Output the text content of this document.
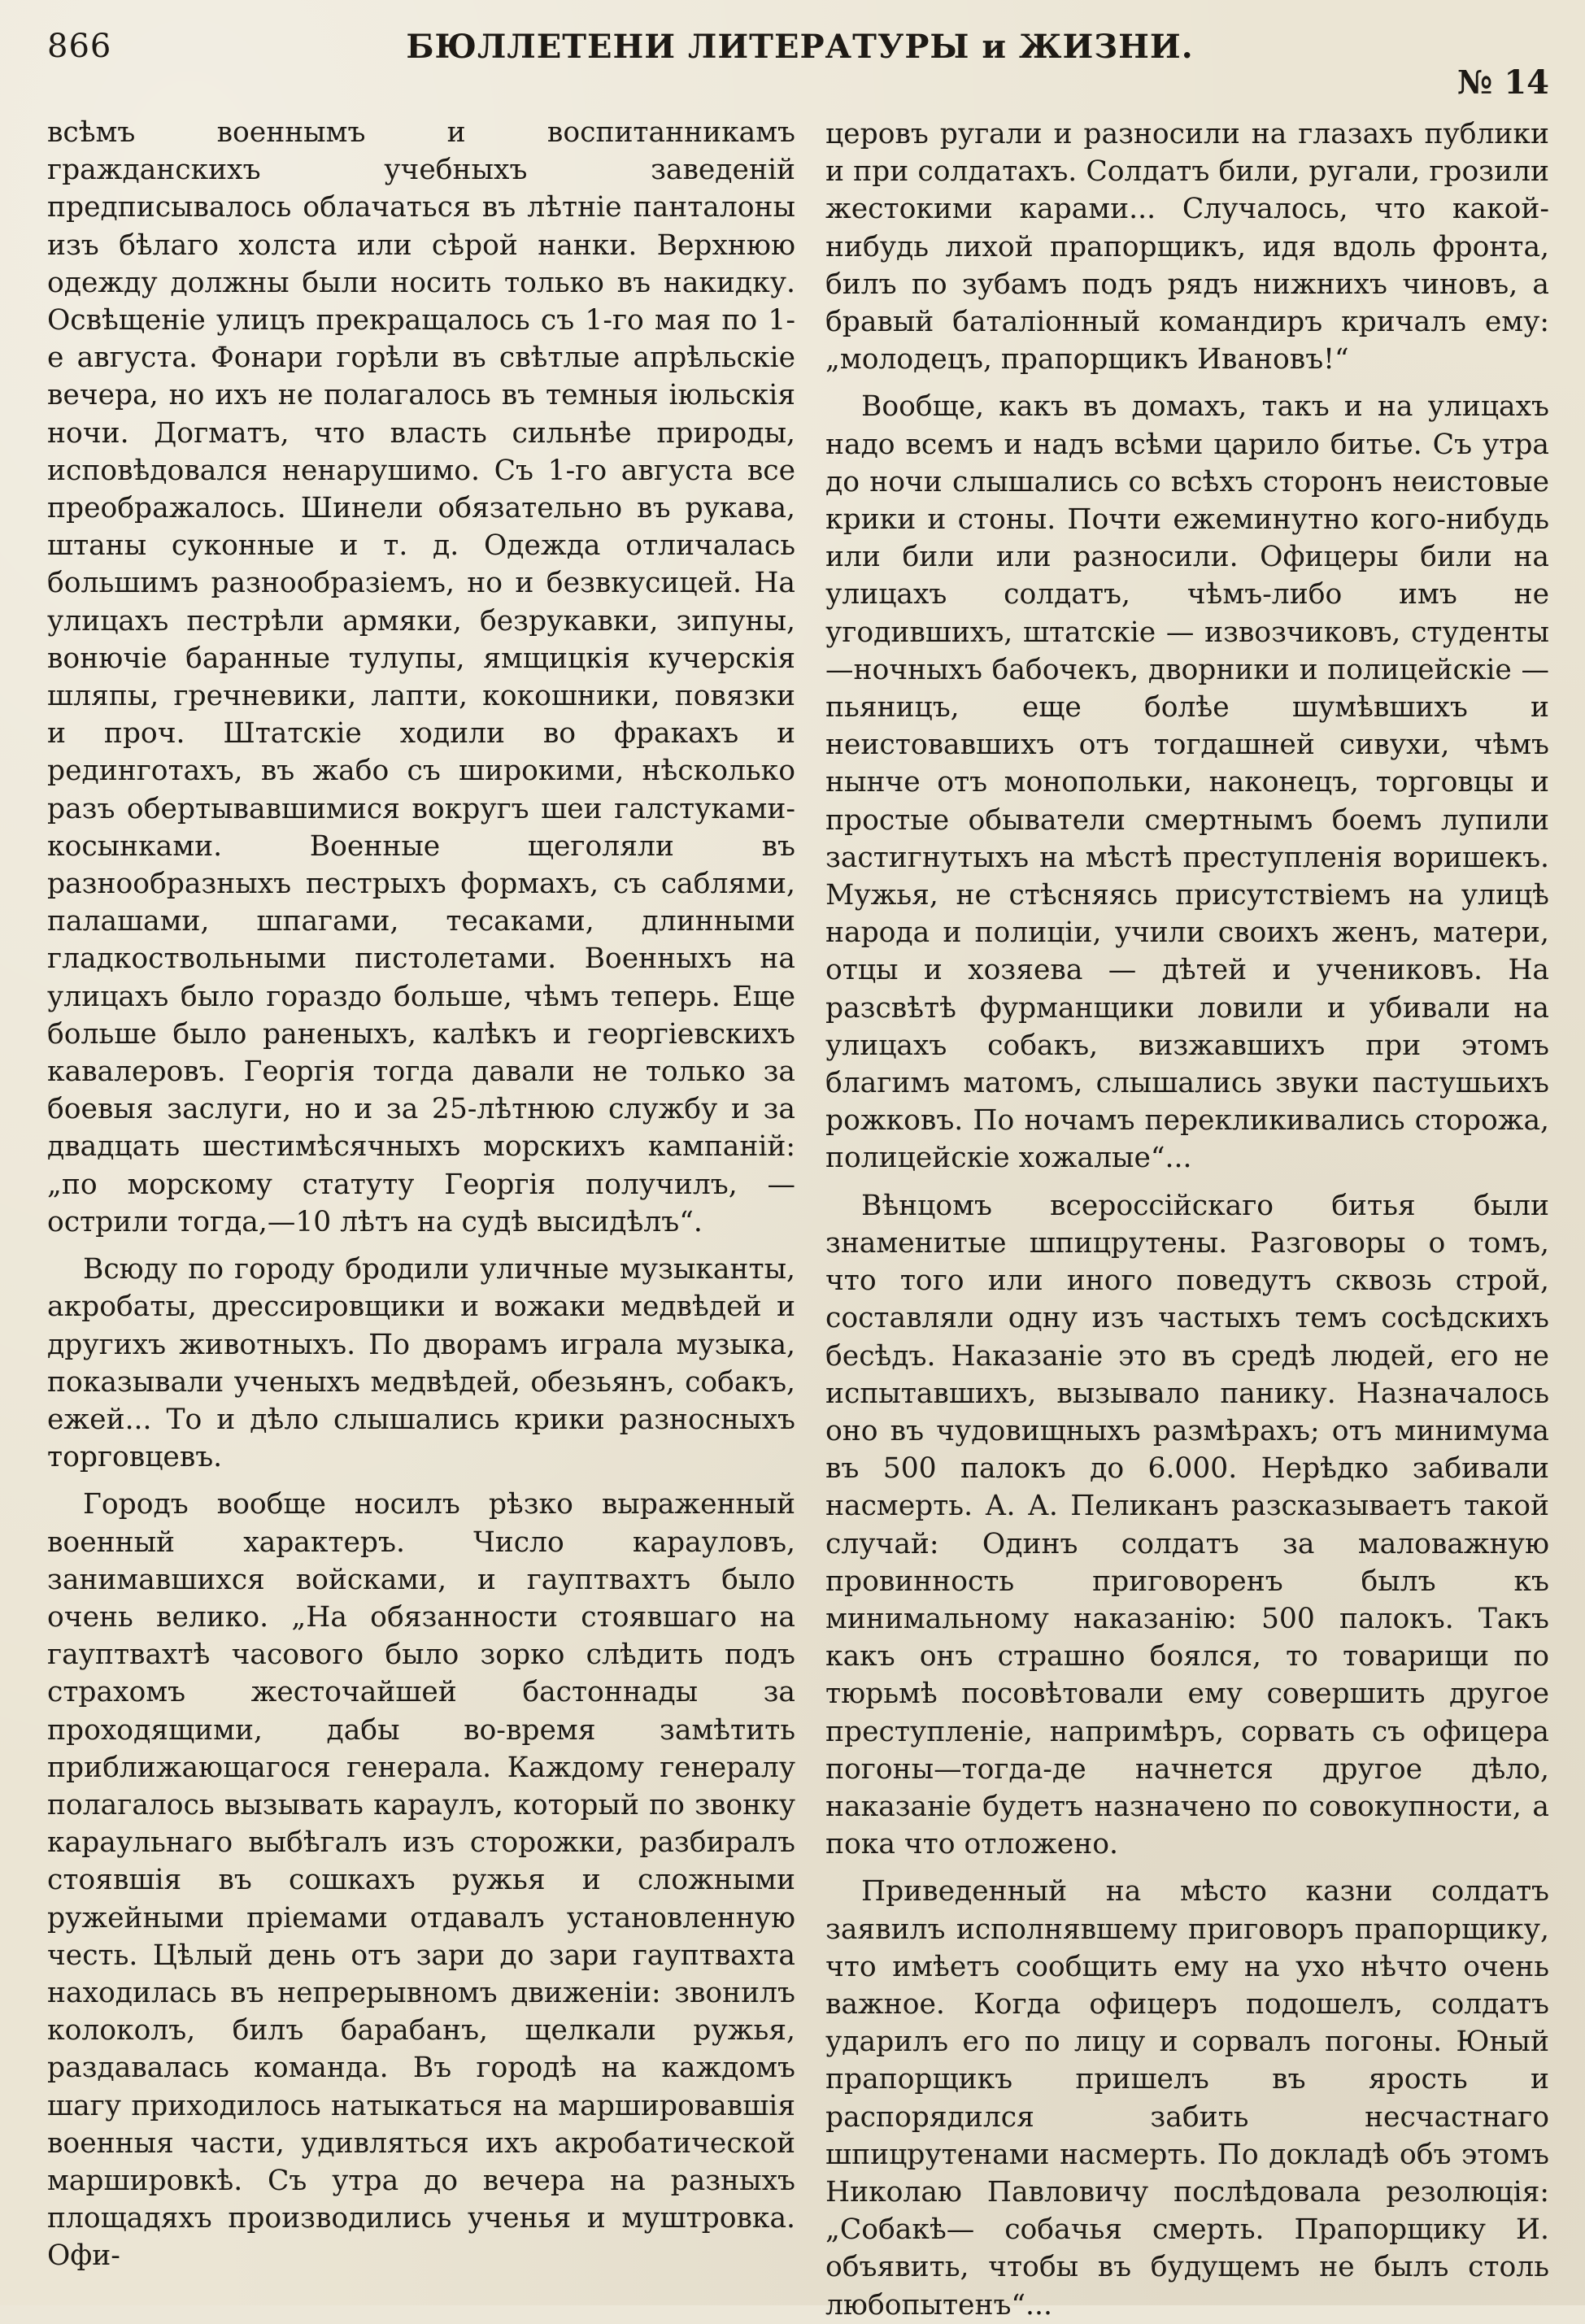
866	БЮЛЛЕТЕНИ ЛИТЕРАТУРЫ и ЖИЗНИ.
№ 14

всѣмъ военнымъ и воспитанникамъ гражданскихъ учебныхъ заведеній предписывалось облачаться въ лѣтніе панталоны изъ бѣлаго холста или сѣрой нанки. Верхнюю одежду должны были носить только въ накидку. Освѣщеніе улицъ прекращалось съ 1-го мая по 1-е августа. Фонари горѣли въ свѣтлые апрѣльскіе вечера, но ихъ не полагалось въ темныя іюльскія ночи. Догматъ, что власть сильнѣе природы, исповѣдовался ненарушимо. Съ 1-го августа все преображалось. Шинели обязательно въ рукава, штаны суконные и т. д. Одежда отличалась большимъ разнообразіемъ, но и безвкусицей. На улицахъ пестрѣли армяки, безрукавки, зипуны, вонючіе баранные тулупы, ямщицкія кучерскія шляпы, гречневики, лапти, кокошники, повязки и проч. Штатскіе ходили во фракахъ и рединготахъ, въ жабо съ широкими, нѣсколько разъ обертывавшимися вокругъ шеи галстуками-косынками. Военные щеголяли въ разнообразныхъ пестрыхъ формахъ, съ саблями, палашами, шпагами, тесаками, длинными гладкоствольными пистолетами. Военныхъ на улицахъ было гораздо больше, чѣмъ теперь. Еще больше было раненыхъ, калѣкъ и георгіевскихъ кавалеровъ. Георгія тогда давали не только за боевыя заслуги, но и за 25-лѣтнюю службу и за двадцать шестимѣсячныхъ морскихъ кампаній: „по морскому статуту Георгія получилъ, — острили тогда,—10 лѣтъ на судѣ высидѣлъ“.

Всюду по городу бродили уличные музыканты, акробаты, дрессировщики и вожаки медвѣдей и другихъ животныхъ. По дворамъ играла музыка, показывали ученыхъ медвѣдей, обезьянъ, собакъ, ежей... То и дѣло слышались крики разносныхъ торговцевъ.

Городъ вообще носилъ рѣзко выраженный военный характеръ. Число карауловъ, занимавшихся войсками, и гауптвахтъ было очень велико. „На обязанности стоявшаго на гауптвахтѣ часового было зорко слѣдить подъ страхомъ жесточайшей бастоннады за проходящими, дабы во-время замѣтить приближающагося генерала. Каждому генералу полагалось вызывать караулъ, который по звонку караульнаго выбѣгалъ изъ сторожки, разбиралъ стоявшія въ сошкахъ ружья и сложными ружейными пріемами отдавалъ установленную честь. Цѣлый день отъ зари до зари гауптвахта находилась въ непрерывномъ движеніи: звонилъ колоколъ, билъ барабанъ, щелкали ружья, раздавалась команда. Въ городѣ на каждомъ шагу приходилось натыкаться на маршировавшія военныя части, удивляться ихъ акробатической маршировкѣ. Съ утра до вечера на разныхъ площадяхъ производились ученья и муштровка. Офи-

церовъ ругали и разносили на глазахъ публики и при солдатахъ. Солдатъ били, ругали, грозили жестокими карами... Случалось, что какой-нибудь лихой прапорщикъ, идя вдоль фронта, билъ по зубамъ подъ рядъ нижнихъ чиновъ, а бравый баталіонный командиръ кричалъ ему: „молодецъ, прапорщикъ Ивановъ!“

Вообще, какъ въ домахъ, такъ и на улицахъ надо всемъ и надъ всѣми царило битье. Съ утра до ночи слышались со всѣхъ сторонъ неистовые крики и стоны. Почти ежеминутно кого-нибудь или били или разносили. Офицеры били на улицахъ солдатъ, чѣмъ-либо имъ не угодившихъ, штатскіе — извозчиковъ, студенты—ночныхъ бабочекъ, дворники и полицейскіе — пьяницъ, еще болѣе шумѣвшихъ и неистовавшихъ отъ тогдашней сивухи, чѣмъ нынче отъ монопольки, наконецъ, торговцы и простые обыватели смертнымъ боемъ лупили застигнутыхъ на мѣстѣ преступленія воришекъ. Мужья, не стѣсняясь присутствіемъ на улицѣ народа и полиціи, учили своихъ женъ, матери, отцы и хозяева — дѣтей и учениковъ. На разсвѣтѣ фурманщики ловили и убивали на улицахъ собакъ, визжавшихъ при этомъ благимъ матомъ, слышались звуки пастушьихъ рожковъ. По ночамъ перекликивались сторожа, полицейскіе хожалые“...

Вѣнцомъ всероссійскаго битья были знаменитые шпицрутены. Разговоры о томъ, что того или иного поведутъ сквозь строй, составляли одну изъ частыхъ темъ сосѣдскихъ бесѣдъ. Наказаніе это въ средѣ людей, его не испытавшихъ, вызывало панику. Назначалось оно въ чудовищныхъ размѣрахъ; отъ минимума въ 500 палокъ до 6.000. Нерѣдко забивали насмерть. А. А. Пеликанъ разсказываетъ такой случай: Одинъ солдатъ за маловажную провинность приговоренъ былъ къ минимальному наказанію: 500 палокъ. Такъ какъ онъ страшно боялся, то товарищи по тюрьмѣ посовѣтовали ему совершить другое преступленіе, напримѣръ, сорвать съ офицера погоны—тогда-де начнется другое дѣло, наказаніе будетъ назначено по совокупности, а пока что отложено.

Приведенный на мѣсто казни солдатъ заявилъ исполнявшему приговоръ прапорщику, что имѣетъ сообщить ему на ухо нѣчто очень важное. Когда офицеръ подошелъ, солдатъ ударилъ его по лицу и сорвалъ погоны. Юный прапорщикъ пришелъ въ ярость и распорядился забить несчастнаго шпицрутенами насмерть. По докладѣ объ этомъ Николаю Павловичу послѣдовала резолюція: „Собакѣ— собачья смерть. Прапорщику И. объявить, чтобы въ будущемъ не былъ столь любопытенъ“...
